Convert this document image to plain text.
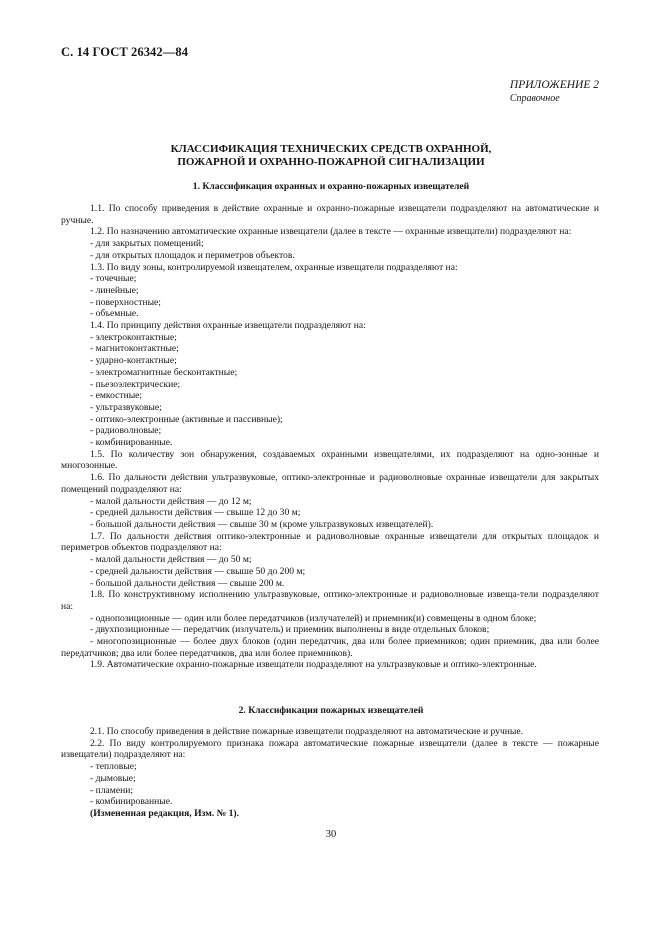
С. 14 ГОСТ 26342—84
ПРИЛОЖЕНИЕ 2
Справочное
КЛАССИФИКАЦИЯ ТЕХНИЧЕСКИХ СРЕДСТВ ОХРАННОЙ,
ПОЖАРНОЙ И ОХРАННО-ПОЖАРНОЙ СИГНАЛИЗАЦИИ
1. Классификация охранных и охранно-пожарных извещателей
1.1. По способу приведения в действие охранные и охранно-пожарные извещатели подразделяют на автоматические и ручные.
1.2. По назначению автоматические охранные извещатели (далее в тексте — охранные извещатели) подразделяют на:
- для закрытых помещений;
- для открытых площадок и периметров объектов.
1.3. По виду зоны, контролируемой извещателем, охранные извещатели подразделяют на:
- точечные;
- линейные;
- поверхностные;
- объемные.
1.4. По принципу действия охранные извещатели подразделяют на:
- электроконтактные;
- магнитоконтактные;
- ударно-контактные;
- электромагнитные бесконтактные;
- пьезоэлектрические;
- емкостные;
- ультразвуковые;
- оптико-электронные (активные и пассивные);
- радиоволновые;
- комбинированные.
1.5. По количеству зон обнаружения, создаваемых охранными извещателями, их подразделяют на одно-зонные и многозонные.
1.6. По дальности действия ультразвуковые, оптико-электронные и радиоволновые охранные извещатели для закрытых помещений подразделяют на:
- малой дальности действия — до 12 м;
- средней дальности действия — свыше 12 до 30 м;
- большой дальности действия — свыше 30 м (кроме ультразвуковых извещателей).
1.7. По дальности действия оптико-электронные и радиоволновые охранные извещатели для открытых площадок и периметров объектов подразделяют на:
- малой дальности действия — до 50 м;
- средней дальности действия — свыше 50 до 200 м;
- большой дальности действия — свыше 200 м.
1.8. По конструктивному исполнению ультразвуковые, оптико-электронные и радиоволновые извеща-тели подразделяют на:
- однопозиционные — один или более передатчиков (излучателей) и приемник(и) совмещены в одном блоке;
- двухпозиционные — передатчик (излучатель) и приемник выполнены в виде отдельных блоков;
- многопозиционные — более двух блоков (один передатчик, два или более приемников; один приемник, два или более передатчиков; два или более передатчиков, два или более приемников).
1.9. Автоматические охранно-пожарные извещатели подразделяют на ультразвуковые и оптико-электронные.
2. Классификация пожарных извещателей
2.1. По способу приведения в действие пожарные извещатели подразделяют на автоматические и ручные.
2.2. По виду контролируемого признака пожара автоматические пожарные извещатели (далее в тексте — пожарные извещатели) подразделяют на:
- тепловые;
- дымовые;
- пламени;
- комбинированные.
(Измененная редакция, Изм. № 1).
30
